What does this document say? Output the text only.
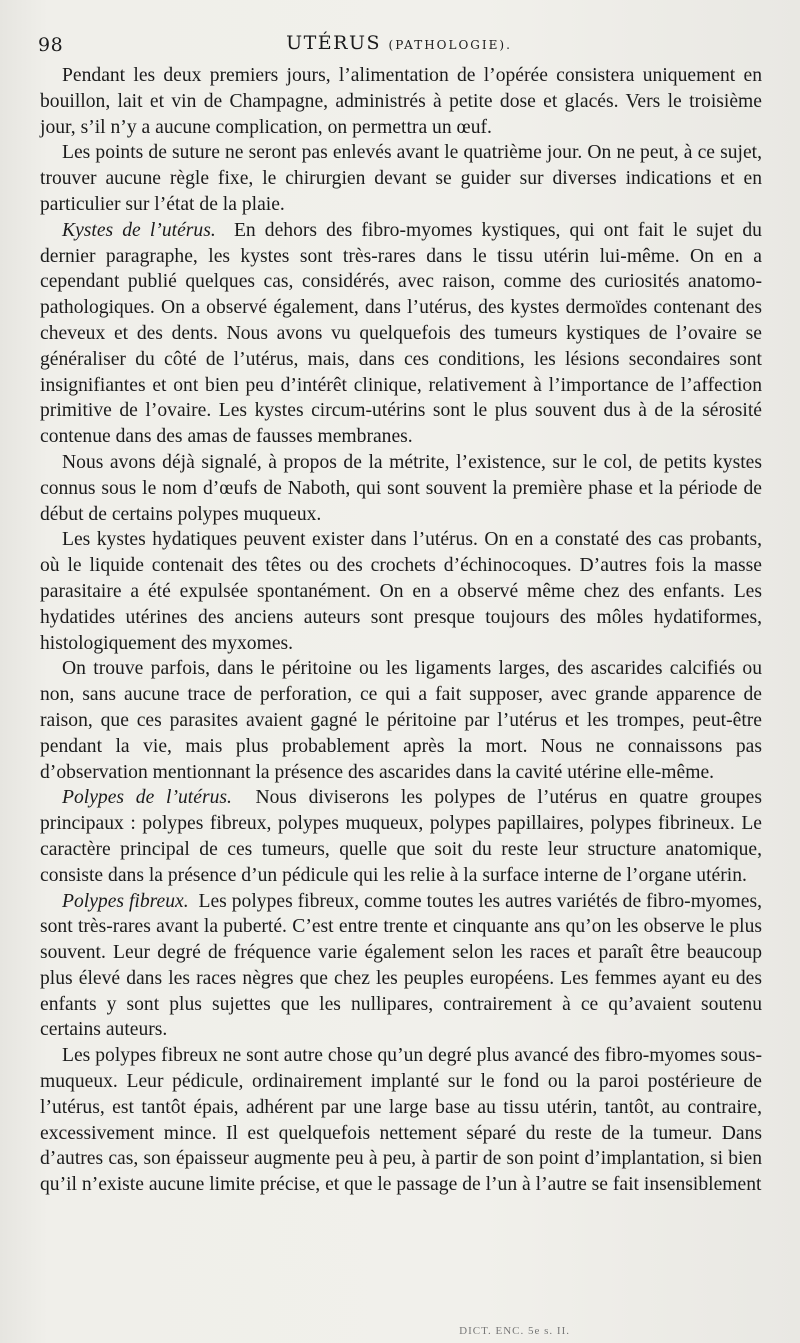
98	UTÉRUS (PATHOLOGIE).

Pendant les deux premiers jours, l’alimentation de l’opérée consistera uniquement en bouillon, lait et vin de Champagne, administrés à petite dose et glacés. Vers le troisième jour, s’il n’y a aucune complication, on permettra un œuf.

Les points de suture ne seront pas enlevés avant le quatrième jour. On ne peut, à ce sujet, trouver aucune règle fixe, le chirurgien devant se guider sur diverses indications et en particulier sur l’état de la plaie.

Kystes de l’utérus. En dehors des fibro-myomes kystiques, qui ont fait le sujet du dernier paragraphe, les kystes sont très-rares dans le tissu utérin lui-même. On en a cependant publié quelques cas, considérés, avec raison, comme des curiosités anatomo-pathologiques. On a observé également, dans l’utérus, des kystes dermoïdes contenant des cheveux et des dents. Nous avons vu quelquefois des tumeurs kystiques de l’ovaire se généraliser du côté de l’utérus, mais, dans ces conditions, les lésions secondaires sont insignifiantes et ont bien peu d’intérêt clinique, relativement à l’importance de l’affection primitive de l’ovaire. Les kystes circum-utérins sont le plus souvent dus à de la sérosité contenue dans des amas de fausses membranes.

Nous avons déjà signalé, à propos de la métrite, l’existence, sur le col, de petits kystes connus sous le nom d’œufs de Naboth, qui sont souvent la première phase et la période de début de certains polypes muqueux.

Les kystes hydatiques peuvent exister dans l’utérus. On en a constaté des cas probants, où le liquide contenait des têtes ou des crochets d’échinocoques. D’autres fois la masse parasitaire a été expulsée spontanément. On en a observé même chez des enfants. Les hydatides utérines des anciens auteurs sont presque toujours des môles hydatiformes, histologiquement des myxomes.

On trouve parfois, dans le péritoine ou les ligaments larges, des ascarides calcifiés ou non, sans aucune trace de perforation, ce qui a fait supposer, avec grande apparence de raison, que ces parasites avaient gagné le péritoine par l’utérus et les trompes, peut-être pendant la vie, mais plus probablement après la mort. Nous ne connaissons pas d’observation mentionnant la présence des ascarides dans la cavité utérine elle-même.

Polypes de l’utérus. Nous diviserons les polypes de l’utérus en quatre groupes principaux : polypes fibreux, polypes muqueux, polypes papillaires, polypes fibrineux. Le caractère principal de ces tumeurs, quelle que soit du reste leur structure anatomique, consiste dans la présence d’un pédicule qui les relie à la surface interne de l’organe utérin.

Polypes fibreux. Les polypes fibreux, comme toutes les autres variétés de fibro-myomes, sont très-rares avant la puberté. C’est entre trente et cinquante ans qu’on les observe le plus souvent. Leur degré de fréquence varie également selon les races et paraît être beaucoup plus élevé dans les races nègres que chez les peuples européens. Les femmes ayant eu des enfants y sont plus sujettes que les nullipares, contrairement à ce qu’avaient soutenu certains auteurs.

Les polypes fibreux ne sont autre chose qu’un degré plus avancé des fibro-myomes sous-muqueux. Leur pédicule, ordinairement implanté sur le fond ou la paroi postérieure de l’utérus, est tantôt épais, adhérent par une large base au tissu utérin, tantôt, au contraire, excessivement mince. Il est quelquefois nettement séparé du reste de la tumeur. Dans d’autres cas, son épaisseur augmente peu à peu, à partir de son point d’implantation, si bien qu’il n’existe aucune limite précise, et que le passage de l’un à l’autre se fait insensiblement

DICT. ENC. 5e s. II.
